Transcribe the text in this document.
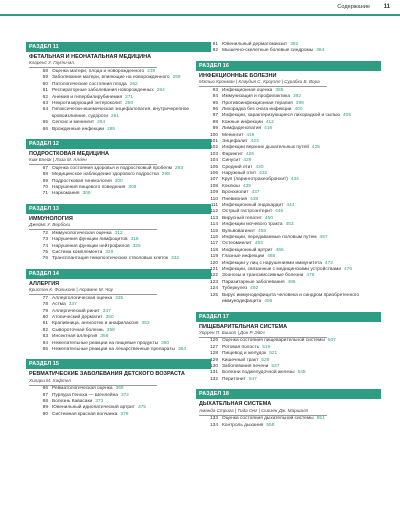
Содержание 11
РАЗДЕЛ 11
ФЕТАЛЬНАЯ И НЕОНАТАЛЬНАЯ МЕДИЦИНА
Кларенс У. Гаути-мл.
58 Оценка матери, плода и новорожденного 239
59 Заболевания матери, влияющие на новорожденного 259
60 Патологические состояния плода 262
61 Респираторные заболевания новорожденных 264
62 Анемия и гипербилирубинемия 271
63 Некротизирующий энтероколит 280
64 Гипоксически-ишемическая энцефалопатия, внутричерепное кровоизлияние, судороги 281
65 Сепсис и менингит 284
66 Врожденные инфекции 285
РАЗДЕЛ 12
ПОДРОСТКОВАЯ МЕДИЦИНА
Ким Блейк | Лиза М. Аллен
67 Оценка состояния здоровья и подростковый пробелм 293
68 Медицинское наблюдение здорового подростка 298
69 Подростковая гинекология 300
70 Нарушения пищевого поведения 308
71 Наркомания 309
РАЗДЕЛ 13
ИММУНОЛОГИЯ
Джеймс У. Вербски
72 Иммунологическая оценка 313
73 Нарушения функции лимфоцитов 318
74 Нарушения функции нейтрофилов 325
75 Система комплемента 329
76 Трансплантация гемопоэтических стволовых клеток 332
РАЗДЕЛ 14
АЛЛЕРГИЯ
Кристен К. Фольконк | Асрамне М. Чоу
77 Аллергологическая оценка 335
78 Астма 337
79 Аллергический ринит 347
80 Атопический дерматит 350
81 Крапивница, ангиоотек и анафилаксия 353
82 Сывороточная болезнь 358
83 Инсектная аллергия 358
84 Нежелательные реакции на пищевые продукты 360
85 Нежелательные реакции на лекарственные препараты 364
РАЗДЕЛ 15
РЕВМАТИЧЕСКИЕ ЗАБОЛЕВАНИЯ ДЕТСКОГО ВОЗРАСТА
Хилари М. Хафтел
86 Ревматологическая оценка 369
87 Пурпура Геноха — Шенлейна 372
88 Болезнь Кавасаки 373
89 Ювенильный идиопатический артрит 375
90 Системная красная волчанка 379
91 Ювенильный дерматомиозит 382
92 Мышечно-скелетные болевые синдромы 384
РАЗДЕЛ 16
ИНФЕКЦИОННЫЕ БОЛЕЗНИ
Мэтью Кронман | Клаудия С. Кроуэлл | Сурабхи Б. Вора
93 Инфекционная оценка 389
94 Иммунизация и профилактика 392
95 Противоинфекционная терапия 399
96 Лихорадка без очага инфекции 400
97 Инфекции, характеризующиеся лихорадкой и сыпью 405
98 Кожные инфекции 412
99 Лимфаденопатия 416
100 Менингит 419
101 Энцефалит 423
102 Инфекции верхних дыхательных путей 425
103 Фарингит 426
104 Синусит 429
105 Средний отит 430
106 Наружный отит 432
107 Круп (ларинготрахеобронхит) 434
108 Коклюш 435
109 Бронхиолит 437
110 Пневмония 438
111 Инфекционный эндокардит 444
112 Острый гастроэнтерит 446
113 Вирусный гепатит 450
114 Инфекции мочевого тракта 453
115 Вульвовагинит 455
116 Инфекции, передаваемые половым путем 457
117 Остеомиелит 463
118 Инфекционный артрит 466
119 Глазные инфекции 468
120 Инфекции у лиц с нарушениями иммунитета 472
121 Инфекции, связанные с медицинскими устройствами 476
122 Зоонозы и трансмиссивные болезни 478
123 Паразитарные заболевания 486
124 Туберкулез 492
125 Вирус иммунодефицита человека и синдром приобретенного иммунодефицита 496
РАЗДЕЛ 17
ПИЩЕВАРИТЕЛЬНАЯ СИСТЕМА
Уоррен П. Бишоп | Дон Р. Эйсч
126 Оценка состояния пищеварительной системы 507
127 Ротовая полость 519
128 Пищевод и желудок 521
129 Кишечный тракт 529
130 Заболевания печени 537
131 Болезни поджелудочной железы 545
132 Перитонит 547
РАЗДЕЛ 18
ДЫХАТЕЛЬНАЯ СИСТЕМА
Аманда Стрига | Тида Онг | Сьюзен Дж. Маршалл
133 Оценка состояния дыхательной системы 551
134 Контроль дыхания 558
